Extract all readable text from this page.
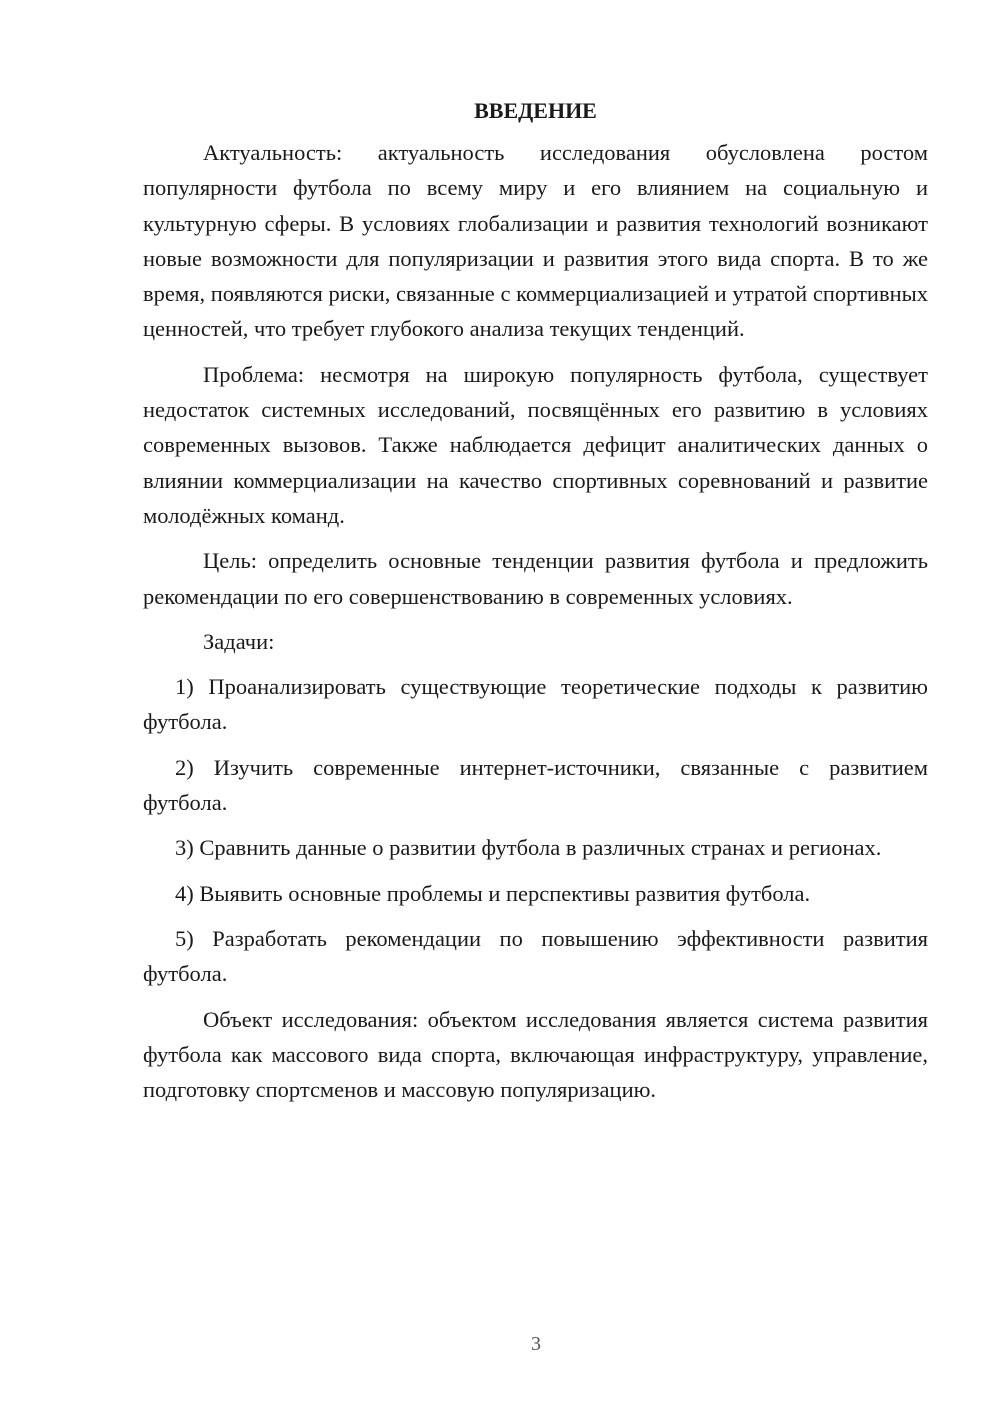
ВВЕДЕНИЕ

Актуальность: актуальность исследования обусловлена ростом популярности футбола по всему миру и его влиянием на социальную и культурную сферы. В условиях глобализации и развития технологий возникают новые возможности для популяризации и развития этого вида спорта. В то же время, появляются риски, связанные с коммерциализацией и утратой спортивных ценностей, что требует глубокого анализа текущих тенденций.

Проблема: несмотря на широкую популярность футбола, существует недостаток системных исследований, посвящённых его развитию в условиях современных вызовов. Также наблюдается дефицит аналитических данных о влиянии коммерциализации на качество спортивных соревнований и развитие молодёжных команд.

Цель: определить основные тенденции развития футбола и предложить рекомендации по его совершенствованию в современных условиях.

Задачи:

1) Проанализировать существующие теоретические подходы к развитию футбола.

2) Изучить современные интернет-источники, связанные с развитием футбола.

3) Сравнить данные о развитии футбола в различных странах и регионах.

4) Выявить основные проблемы и перспективы развития футбола.

5) Разработать рекомендации по повышению эффективности развития футбола.

Объект исследования: объектом исследования является система развития футбола как массового вида спорта, включающая инфраструктуру, управление, подготовку спортсменов и массовую популяризацию.

3
